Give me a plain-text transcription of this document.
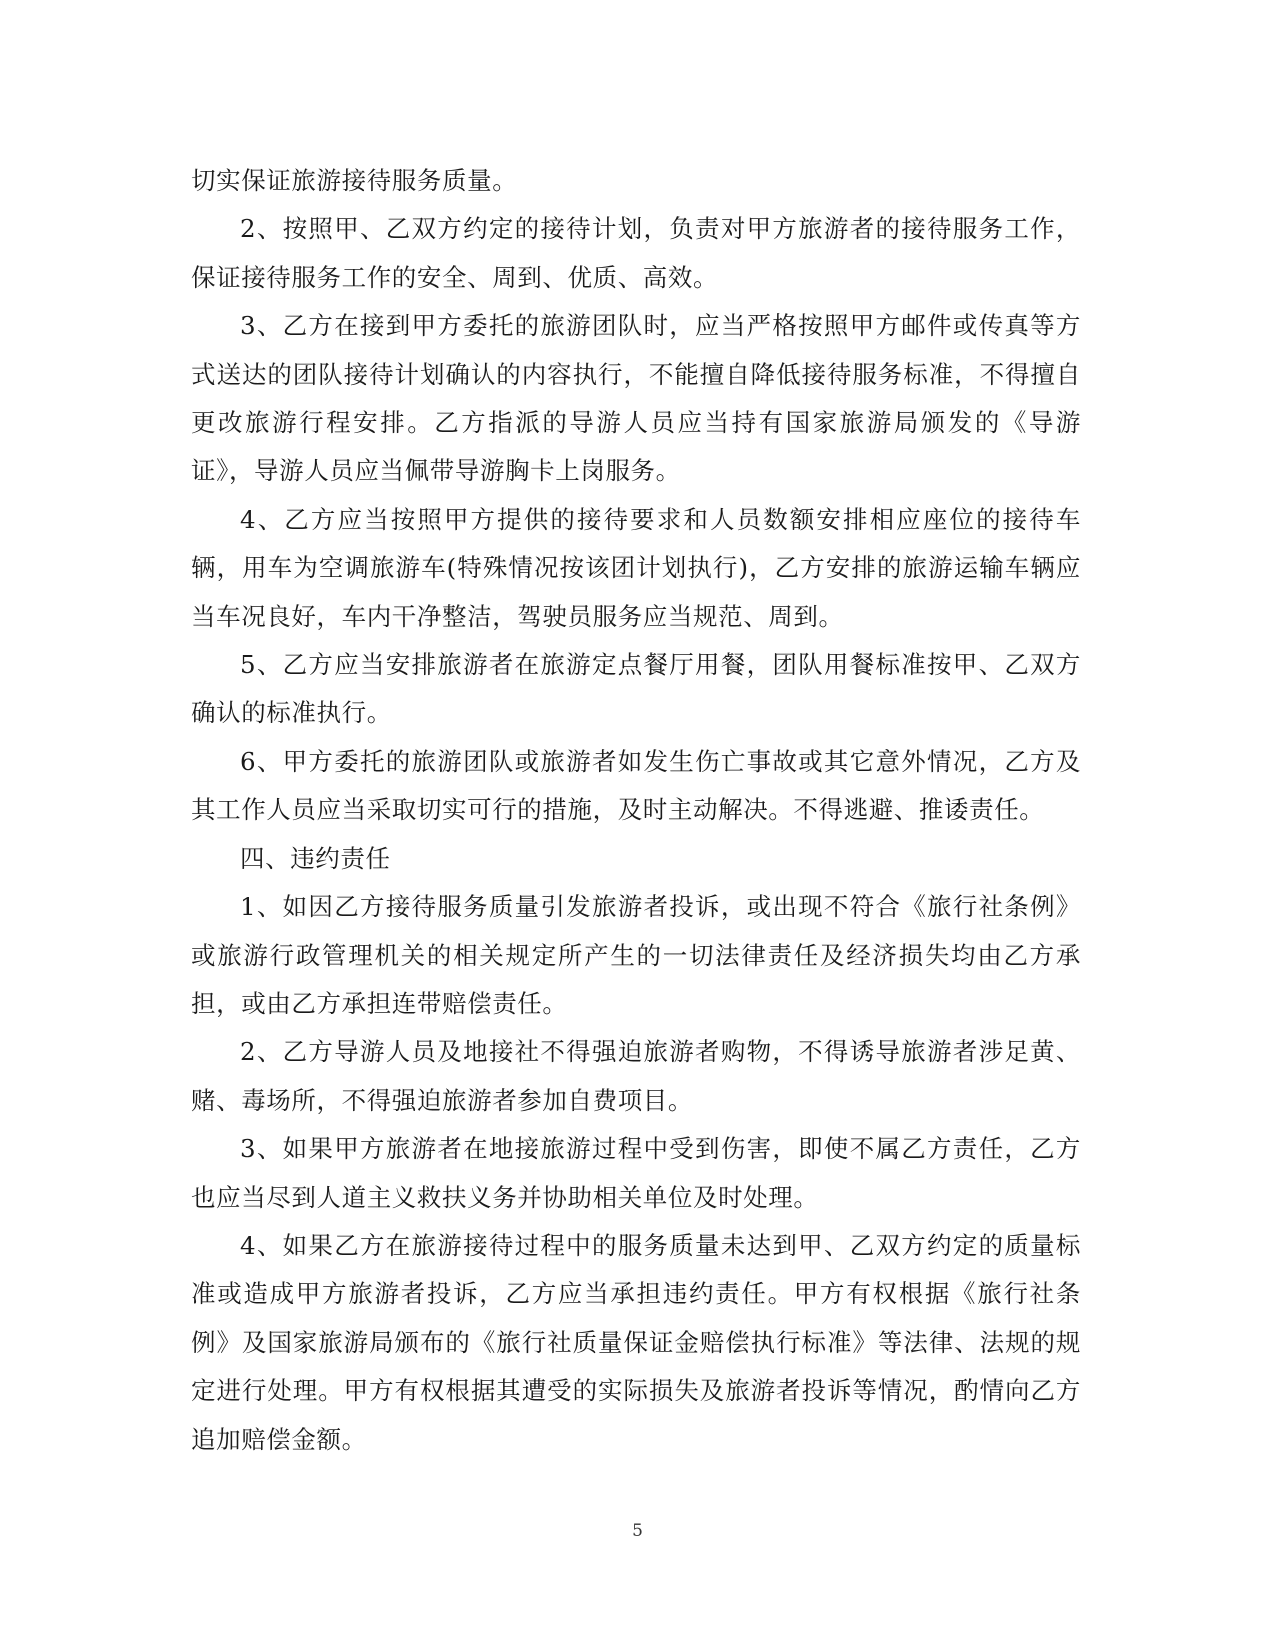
切实保证旅游接待服务质量。

2、按照甲、乙双方约定的接待计划，负责对甲方旅游者的接待服务工作，保证接待服务工作的安全、周到、优质、高效。

3、乙方在接到甲方委托的旅游团队时，应当严格按照甲方邮件或传真等方式送达的团队接待计划确认的内容执行，不能擅自降低接待服务标准，不得擅自更改旅游行程安排。乙方指派的导游人员应当持有国家旅游局颁发的《导游证》，导游人员应当佩带导游胸卡上岗服务。

4、乙方应当按照甲方提供的接待要求和人员数额安排相应座位的接待车辆，用车为空调旅游车(特殊情况按该团计划执行)，乙方安排的旅游运输车辆应当车况良好，车内干净整洁，驾驶员服务应当规范、周到。

5、乙方应当安排旅游者在旅游定点餐厅用餐，团队用餐标准按甲、乙双方确认的标准执行。

6、甲方委托的旅游团队或旅游者如发生伤亡事故或其它意外情况，乙方及其工作人员应当采取切实可行的措施，及时主动解决。不得逃避、推诿责任。

四、违约责任

1、如因乙方接待服务质量引发旅游者投诉，或出现不符合《旅行社条例》或旅游行政管理机关的相关规定所产生的一切法律责任及经济损失均由乙方承担，或由乙方承担连带赔偿责任。

2、乙方导游人员及地接社不得强迫旅游者购物，不得诱导旅游者涉足黄、赌、毒场所，不得强迫旅游者参加自费项目。

3、如果甲方旅游者在地接旅游过程中受到伤害，即使不属乙方责任，乙方也应当尽到人道主义救扶义务并协助相关单位及时处理。

4、如果乙方在旅游接待过程中的服务质量未达到甲、乙双方约定的质量标准或造成甲方旅游者投诉，乙方应当承担违约责任。甲方有权根据《旅行社条例》及国家旅游局颁布的《旅行社质量保证金赔偿执行标准》等法律、法规的规定进行处理。甲方有权根据其遭受的实际损失及旅游者投诉等情况，酌情向乙方追加赔偿金额。

5
